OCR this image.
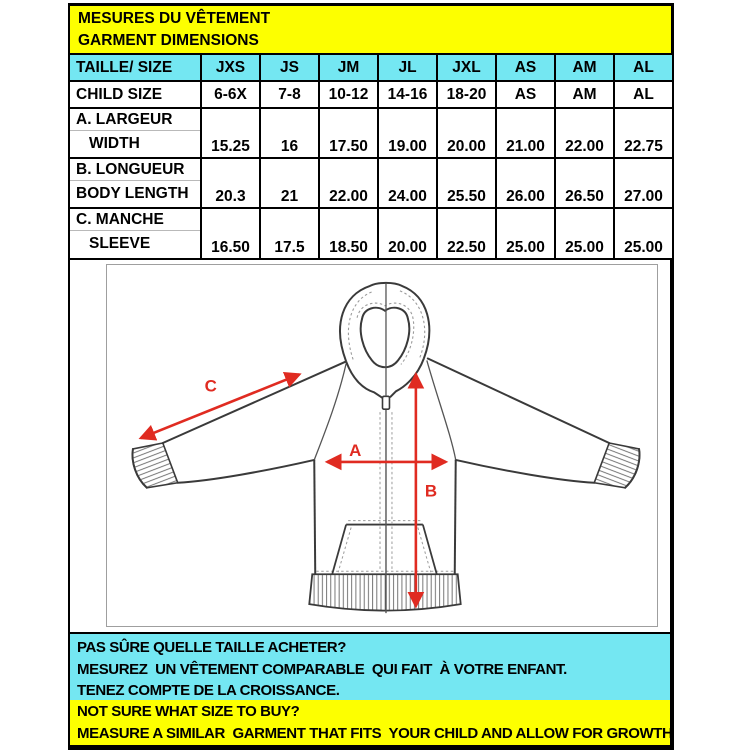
MESURES DU VÊTEMENT
GARMENT DIMENSIONS
TAILLE/ SIZE	JXS	JS	JM	JL	JXL	AS	AM	AL
CHILD SIZE	6-6X	7-8	10-12	14-16	18-20	AS	AM	AL

A. LARGEUR
WIDTH	15.25	16	17.50	19.00	20.00	21.00	22.00	22.75

B. LONGUEUR
BODY LENGTH	20.3	21	22.00	24.00	25.50	26.00	26.50	27.00

C. MANCHE
SLEEVE	16.50	17.5	18.50	20.00	22.50	25.00	25.00	25.00
C
A
B
PAS SÛRE QUELLE TAILLE ACHETER?
MESUREZ  UN VÊTEMENT COMPARABLE  QUI FAIT  À VOTRE ENFANT.
TENEZ COMPTE DE LA CROISSANCE.
NOT SURE WHAT SIZE TO BUY?
MEASURE A SIMILAR  GARMENT THAT FITS  YOUR CHILD AND ALLOW FOR GROWTH
